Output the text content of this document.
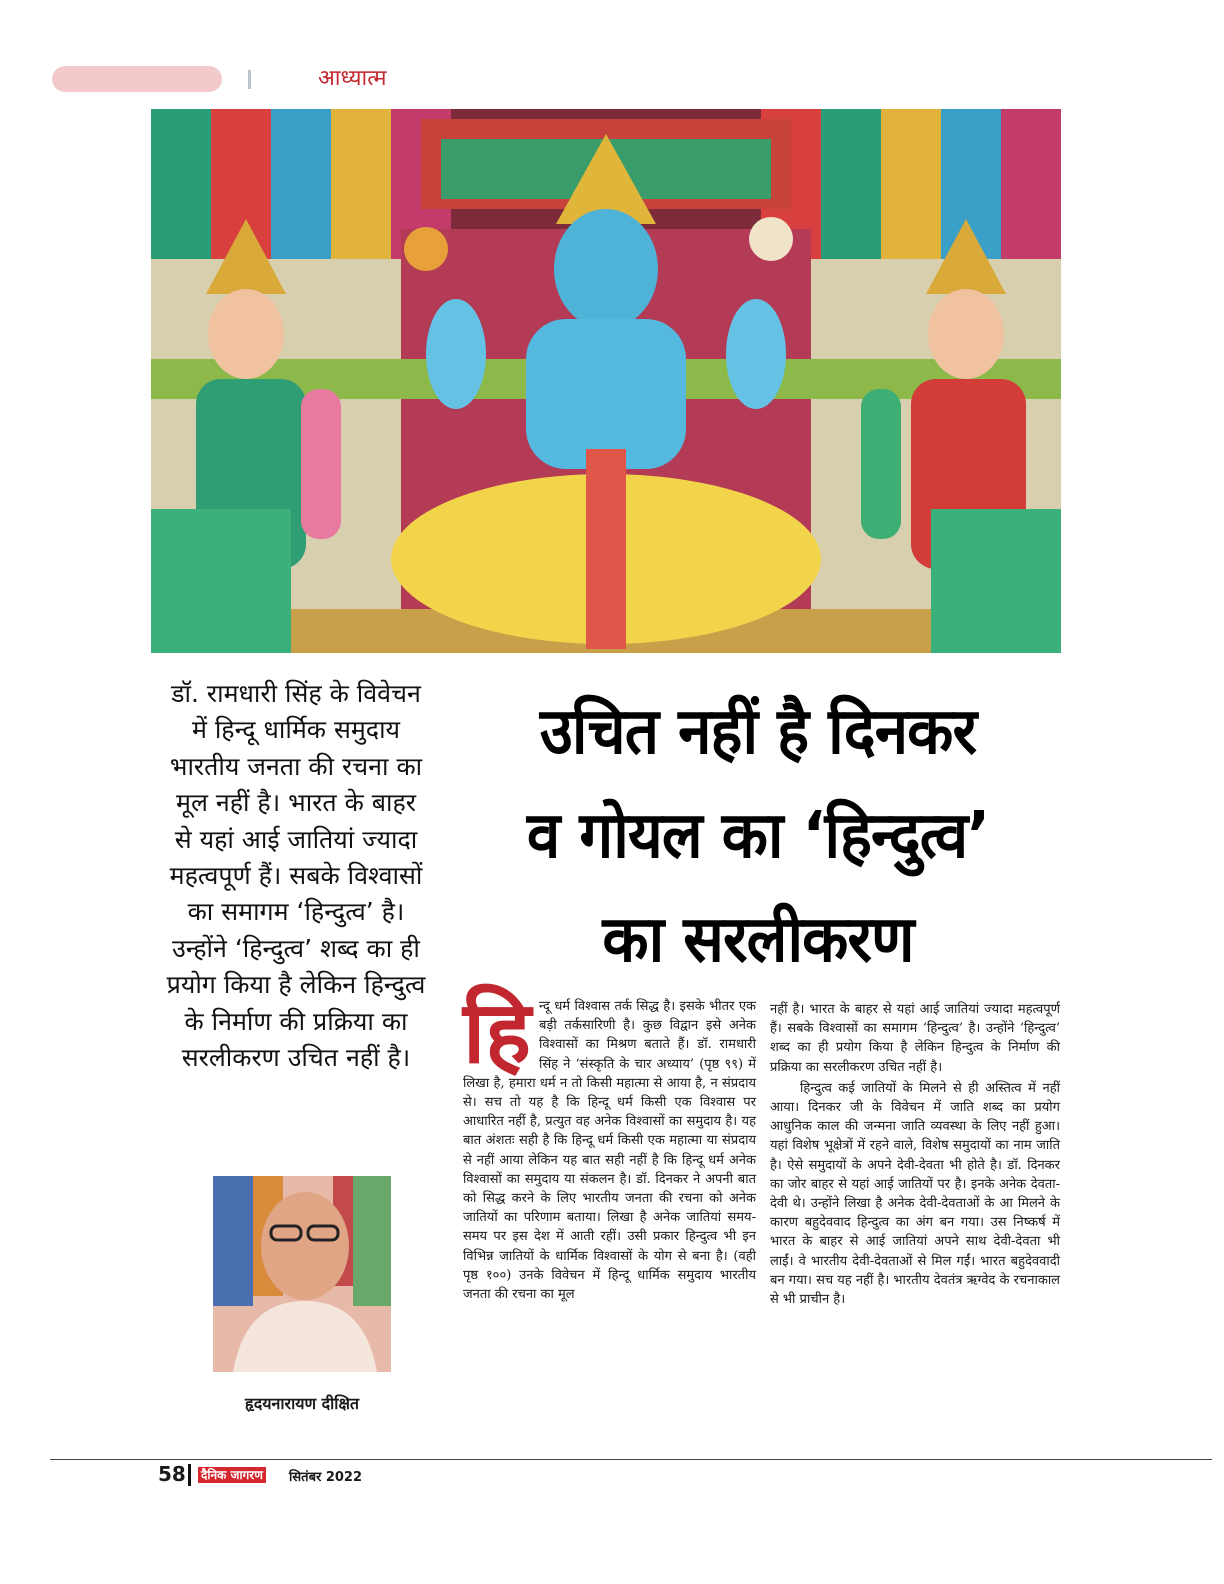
आध्यात्म
डॉ. रामधारी सिंह के विवेचन में हिन्दू धार्मिक समुदाय भारतीय जनता की रचना का मूल नहीं है। भारत के बाहर से यहां आई जातियां ज्यादा महत्वपूर्ण हैं। सबके विश्वासों का समागम ‘हिन्दुत्व’ है। उन्होंने ‘हिन्दुत्व’ शब्द का ही प्रयोग किया है लेकिन हिन्दुत्व के निर्माण की प्रक्रिया का सरलीकरण उचित नहीं है।
उचित नहीं है दिनकर
व गोयल का ‘हिन्दुत्व’
का सरलीकरण
हि न्दू धर्म विश्वास तर्क सिद्ध है। इसके भीतर एक बड़ी तर्कसारिणी है। कुछ विद्वान इसे अनेक विश्वासों का मिश्रण बताते हैं। डॉ. रामधारी सिंह ने ‘संस्कृति के चार अध्याय’ (पृष्ठ ९९) में लिखा है, हमारा धर्म न तो किसी महात्मा से आया है, न संप्रदाय से। सच तो यह है कि हिन्दू धर्म किसी एक विश्वास पर आधारित नहीं है, प्रत्युत वह अनेक विश्वासों का समुदाय है। यह बात अंशतः सही है कि हिन्दू धर्म किसी एक महात्मा या संप्रदाय से नहीं आया लेकिन यह बात सही नहीं है कि हिन्दू धर्म अनेक विश्वासों का समुदाय या संकलन है। डॉ. दिनकर ने अपनी बात को सिद्ध करने के लिए भारतीय जनता की रचना को अनेक जातियों का परिणाम बताया। लिखा है अनेक जातियां समय-समय पर इस देश में आती रहीं। उसी प्रकार हिन्दुत्व भी इन विभिन्न जातियों के धार्मिक विश्वासों के योग से बना है। (वही पृष्ठ १००) उनके विवेचन में हिन्दू धार्मिक समुदाय भारतीय जनता की रचना का मूल

नहीं है। भारत के बाहर से यहां आई जातियां ज्यादा महत्वपूर्ण हैं। सबके विश्वासों का समागम ‘हिन्दुत्व’ है। उन्होंने ‘हिन्दुत्व’ शब्द का ही प्रयोग किया है लेकिन हिन्दुत्व के निर्माण की प्रक्रिया का सरलीकरण उचित नहीं है।

हिन्दुत्व कई जातियों के मिलने से ही अस्तित्व में नहीं आया। दिनकर जी के विवेचन में जाति शब्द का प्रयोग आधुनिक काल की जन्मना जाति व्यवस्था के लिए नहीं हुआ। यहां विशेष भूक्षेत्रों में रहने वाले, विशेष समुदायों का नाम जाति है। ऐसे समुदायों के अपने देवी-देवता भी होते है। डॉ. दिनकर का जोर बाहर से यहां आई जातियों पर है। इनके अनेक देवता-देवी थे। उन्होंने लिखा है अनेक देवी-देवताओं के आ मिलने के कारण बहुदेववाद हिन्दुत्व का अंग बन गया। उस निष्कर्ष में भारत के बाहर से आई जातियां अपने साथ देवी-देवता भी लाईं। वे भारतीय देवी-देवताओं से मिल गईं। भारत बहुदेववादी बन गया। सच यह नहीं है। भारतीय देवतंत्र ऋग्वेद के रचनाकाल से भी प्राचीन है।

हृदयनारायण दीक्षित
58 दैनिक जागरण सितंबर 2022
